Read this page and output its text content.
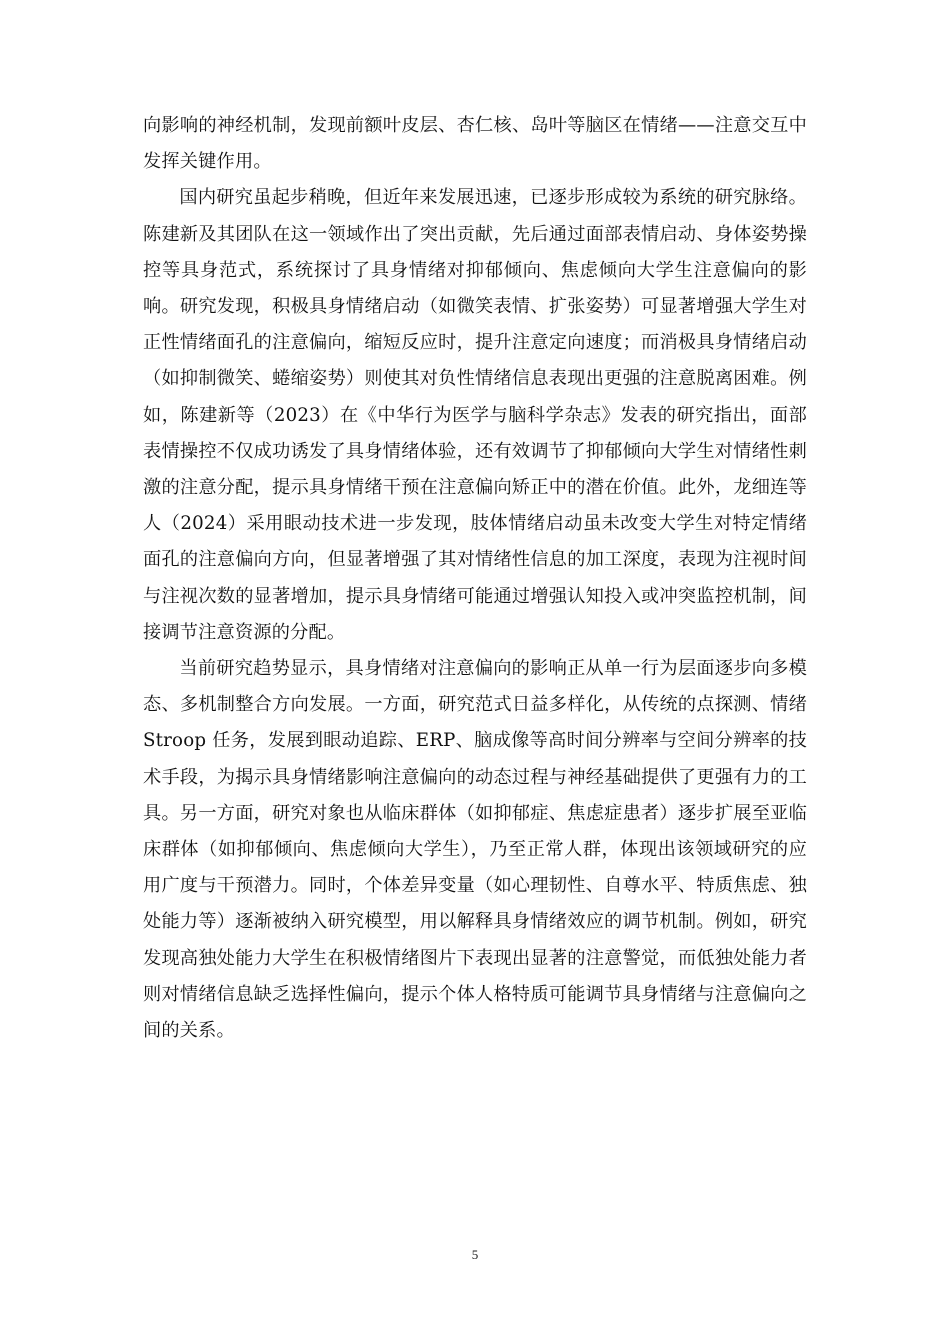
向影响的神经机制，发现前额叶皮层、杏仁核、岛叶等脑区在情绪——注意交互中发挥关键作用。

国内研究虽起步稍晚，但近年来发展迅速，已逐步形成较为系统的研究脉络。陈建新及其团队在这一领域作出了突出贡献，先后通过面部表情启动、身体姿势操控等具身范式，系统探讨了具身情绪对抑郁倾向、焦虑倾向大学生注意偏向的影响。研究发现，积极具身情绪启动（如微笑表情、扩张姿势）可显著增强大学生对正性情绪面孔的注意偏向，缩短反应时，提升注意定向速度；而消极具身情绪启动（如抑制微笑、蜷缩姿势）则使其对负性情绪信息表现出更强的注意脱离困难。例如，陈建新等（2023）在《中华行为医学与脑科学杂志》发表的研究指出，面部表情操控不仅成功诱发了具身情绪体验，还有效调节了抑郁倾向大学生对情绪性刺激的注意分配，提示具身情绪干预在注意偏向矫正中的潜在价值。此外，龙细连等人（2024）采用眼动技术进一步发现，肢体情绪启动虽未改变大学生对特定情绪面孔的注意偏向方向，但显著增强了其对情绪性信息的加工深度，表现为注视时间与注视次数的显著增加，提示具身情绪可能通过增强认知投入或冲突监控机制，间接调节注意资源的分配。

当前研究趋势显示，具身情绪对注意偏向的影响正从单一行为层面逐步向多模态、多机制整合方向发展。一方面，研究范式日益多样化，从传统的点探测、情绪 Stroop 任务，发展到眼动追踪、ERP、脑成像等高时间分辨率与空间分辨率的技术手段，为揭示具身情绪影响注意偏向的动态过程与神经基础提供了更强有力的工具。另一方面，研究对象也从临床群体（如抑郁症、焦虑症患者）逐步扩展至亚临床群体（如抑郁倾向、焦虑倾向大学生），乃至正常人群，体现出该领域研究的应用广度与干预潜力。同时，个体差异变量（如心理韧性、自尊水平、特质焦虑、独处能力等）逐渐被纳入研究模型，用以解释具身情绪效应的调节机制。例如，研究发现高独处能力大学生在积极情绪图片下表现出显著的注意警觉，而低独处能力者则对情绪信息缺乏选择性偏向，提示个体人格特质可能调节具身情绪与注意偏向之间的关系。

5
